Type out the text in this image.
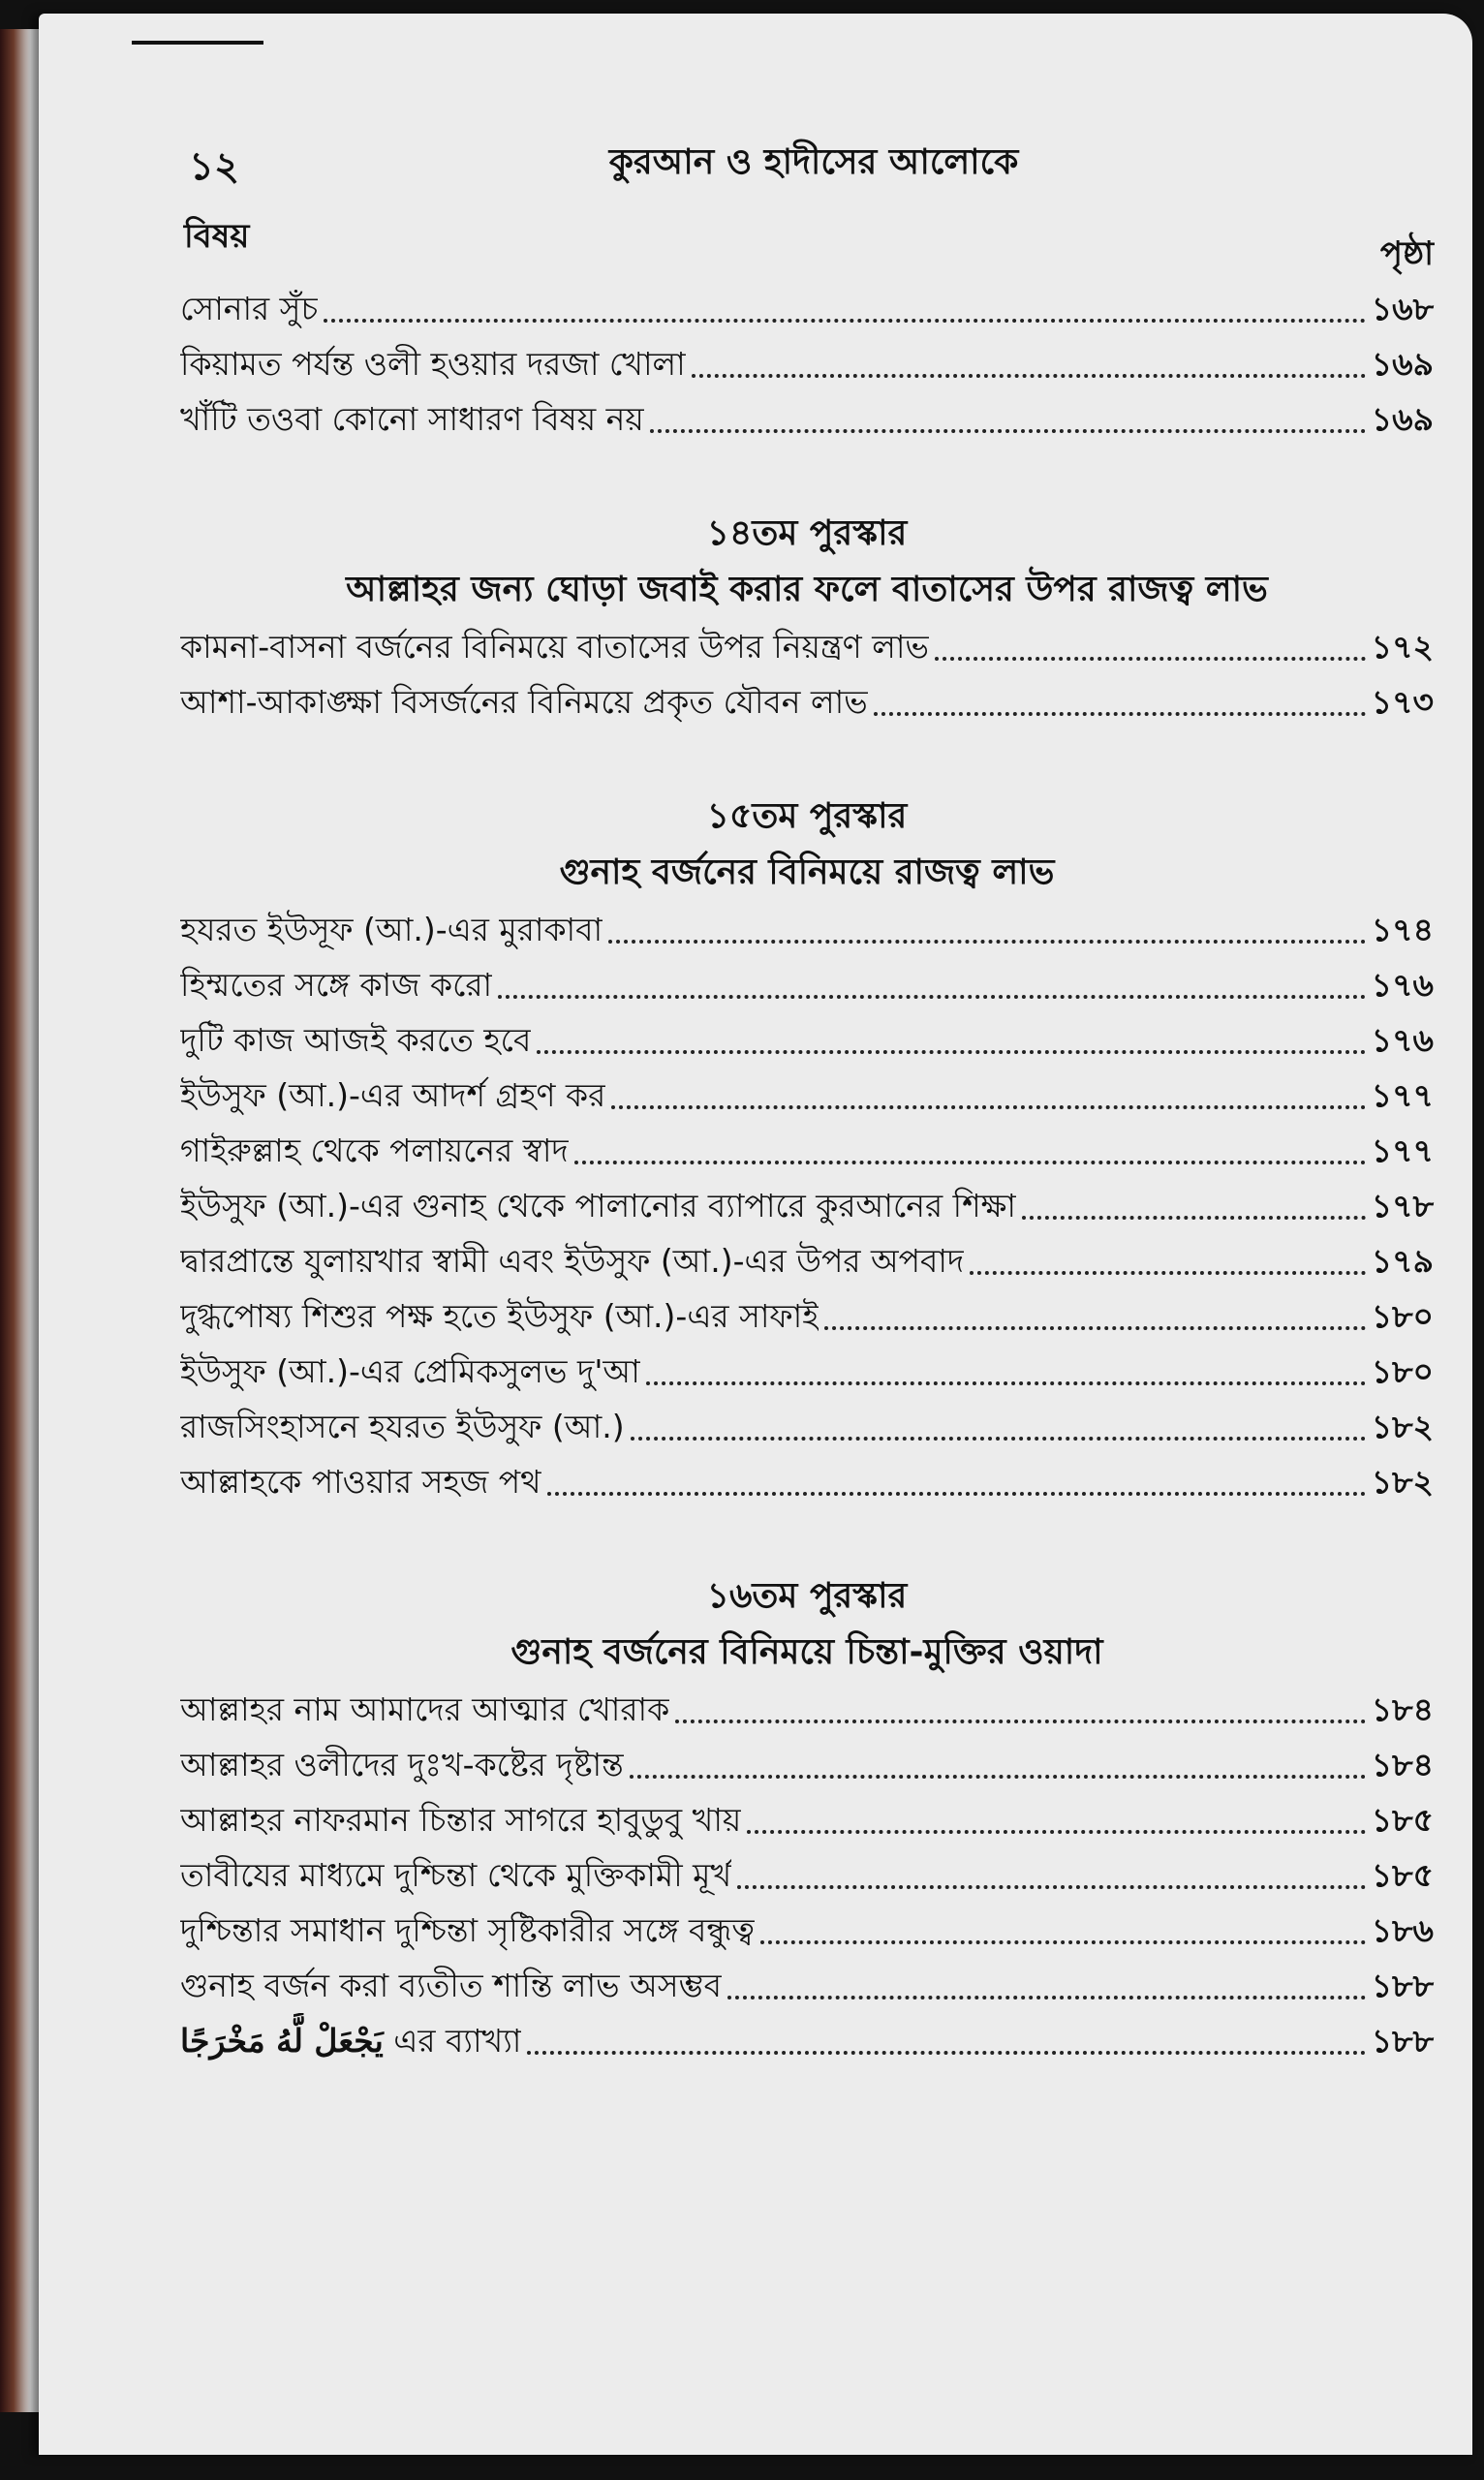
১২	কুরআন ও হাদীসের আলোকে
বিষয়	পৃষ্ঠা
সোনার সুঁচ	১৬৮
কিয়ামত পর্যন্ত ওলী হওয়ার দরজা খোলা	১৬৯
খাঁটি তওবা কোনো সাধারণ বিষয় নয়	১৬৯
১৪তম পুরস্কার
আল্লাহর জন্য ঘোড়া জবাই করার ফলে বাতাসের উপর রাজত্ব লাভ
কামনা-বাসনা বর্জনের বিনিময়ে বাতাসের উপর নিয়ন্ত্রণ লাভ	১৭২
আশা-আকাঙ্ক্ষা বিসর্জনের বিনিময়ে প্রকৃত যৌবন লাভ	১৭৩
১৫তম পুরস্কার
গুনাহ বর্জনের বিনিময়ে রাজত্ব লাভ
হযরত ইউসূফ (আ.)-এর মুরাকাবা	১৭৪
হিম্মতের সঙ্গে কাজ করো	১৭৬
দুটি কাজ আজই করতে হবে	১৭৬
ইউসুফ (আ.)-এর আদর্শ গ্রহণ কর	১৭৭
গাইরুল্লাহ থেকে পলায়নের স্বাদ	১৭৭
ইউসুফ (আ.)-এর গুনাহ থেকে পালানোর ব্যাপারে কুরআনের শিক্ষা	১৭৮
দ্বারপ্রান্তে যুলায়খার স্বামী এবং ইউসুফ (আ.)-এর উপর অপবাদ	১৭৯
দুগ্ধপোষ্য শিশুর পক্ষ হতে ইউসুফ (আ.)-এর সাফাই	১৮০
ইউসুফ (আ.)-এর প্রেমিকসুলভ দু'আ	১৮০
রাজসিংহাসনে হযরত ইউসুফ (আ.)	১৮২
আল্লাহকে পাওয়ার সহজ পথ	১৮২
১৬তম পুরস্কার
গুনাহ বর্জনের বিনিময়ে চিন্তা-মুক্তির ওয়াদা
আল্লাহর নাম আমাদের আত্মার খোরাক	১৮৪
আল্লাহর ওলীদের দুঃখ-কষ্টের দৃষ্টান্ত	১৮৪
আল্লাহর নাফরমান চিন্তার সাগরে হাবুডুবু খায়	১৮৫
তাবীযের মাধ্যমে দুশ্চিন্তা থেকে মুক্তিকামী মূর্খ	১৮৫
দুশ্চিন্তার সমাধান দুশ্চিন্তা সৃষ্টিকারীর সঙ্গে বন্ধুত্ব	১৮৬
গুনাহ বর্জন করা ব্যতীত শান্তি লাভ অসম্ভব	১৮৮
يَجْعَلْ لَّهُ مَخْرَجًا এর ব্যাখ্যা	১৮৮
